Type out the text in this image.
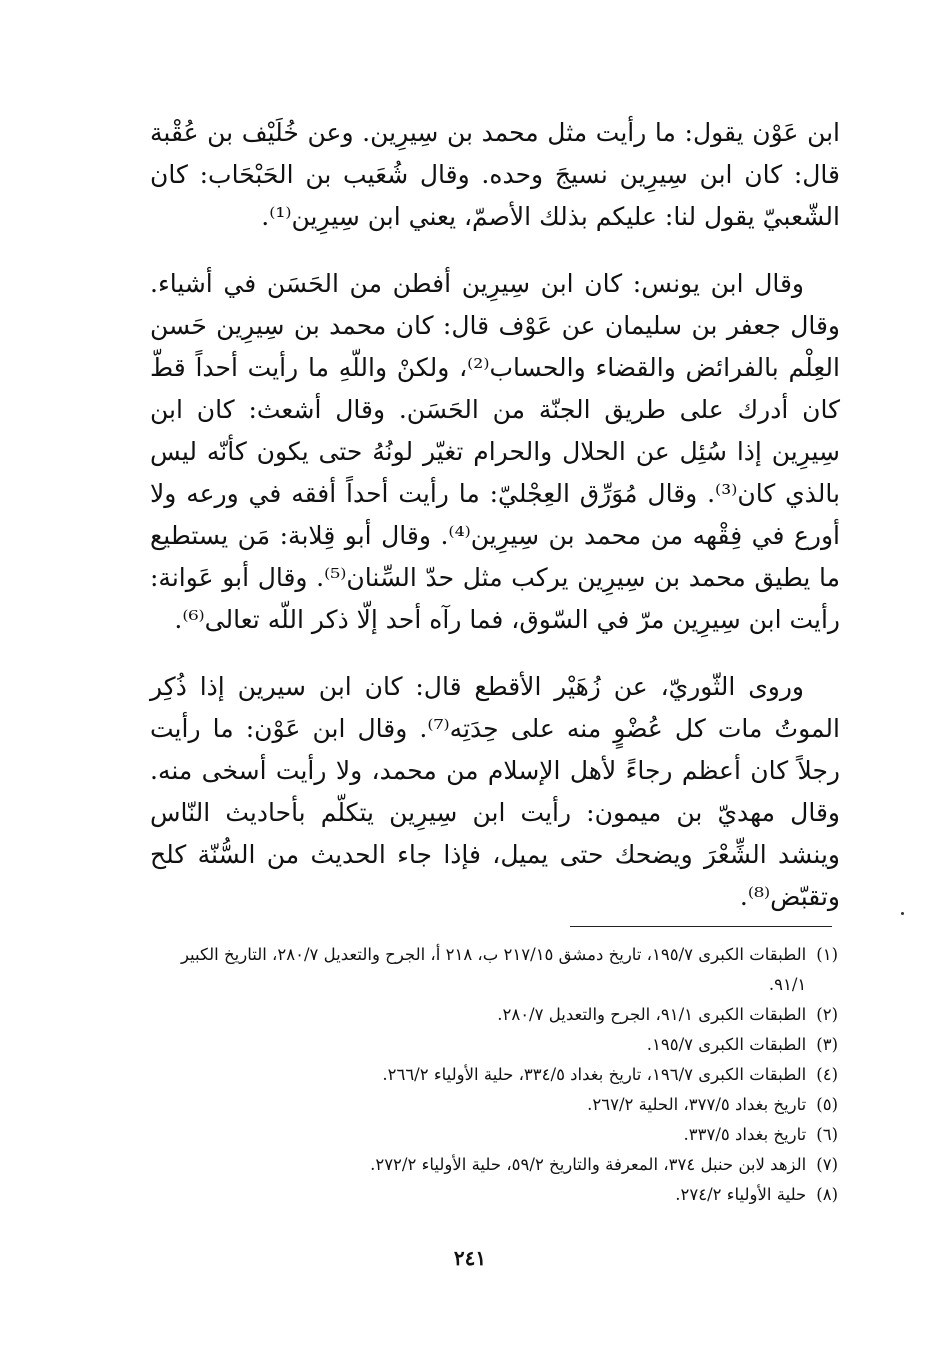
ابن عَوْن يقول: ما رأيت مثل محمد بن سِيرِين. وعن خُلَيْف بن عُقْبة قال: كان ابن سِيرِين نسيجَ وحده. وقال شُعَيب بن الحَبْحَاب: كان الشّعبيّ يقول لنا: عليكم بذلك الأصمّ، يعني ابن سِيرِين⁽¹⁾.

وقال ابن يونس: كان ابن سِيرِين أفطن من الحَسَن في أشياء. وقال جعفر بن سليمان عن عَوْف قال: كان محمد بن سِيرِين حَسن العِلْم بالفرائض والقضاء والحساب⁽²⁾، ولكنْ واللّهِ ما رأيت أحداً قطّ كان أدرك على طريق الجنّة من الحَسَن. وقال أشعث: كان ابن سِيرِين إذا سُئِل عن الحلال والحرام تغيّر لونُهُ حتى يكون كأنّه ليس بالذي كان⁽³⁾. وقال مُوَرِّق العِجْليّ: ما رأيت أحداً أفقه في ورعه ولا أورع في فِقْهه من محمد بن سِيرِين⁽⁴⁾. وقال أبو قِلابة: مَن يستطيع ما يطيق محمد بن سِيرِين يركب مثل حدّ السِّنان⁽⁵⁾. وقال أبو عَوانة: رأيت ابن سِيرِين مرّ في السّوق، فما رآه أحد إلّا ذكر اللّه تعالى⁽⁶⁾.

وروى الثّوريّ، عن زُهَيْر الأقطع قال: كان ابن سيرين إذا ذُكِر الموتُ مات كل عُضْوٍ منه على حِدَتِه⁽⁷⁾. وقال ابن عَوْن: ما رأيت رجلاً كان أعظم رجاءً لأهل الإسلام من محمد، ولا رأيت أسخى منه. وقال مهديّ بن ميمون: رأيت ابن سِيرِين يتكلّم بأحاديث النّاس وينشد الشِّعْرَ ويضحك حتى يميل، فإذا جاء الحديث من السُّنّة كلح وتقبّض⁽⁸⁾.

(١)
الطبقات الكبرى ١٩٥/٧، تاريخ دمشق ٢١٧/١٥ ب، ٢١٨ أ، الجرح والتعديل ٢٨٠/٧، التاريخ الكبير ٩١/١.
(٢)
الطبقات الكبرى ٩١/١، الجرح والتعديل ٢٨٠/٧.
(٣)
الطبقات الكبرى ١٩٥/٧.
(٤)
الطبقات الكبرى ١٩٦/٧، تاريخ بغداد ٣٣٤/٥، حلية الأولياء ٢٦٦/٢.
(٥)
تاريخ بغداد ٣٧٧/٥، الحلية ٢٦٧/٢.
(٦)
تاريخ بغداد ٣٣٧/٥.
(٧)
الزهد لابن حنبل ٣٧٤، المعرفة والتاريخ ٥٩/٢، حلية الأولياء ٢٧٢/٢.
(٨)
حلية الأولياء ٢٧٤/٢.
٢٤١
